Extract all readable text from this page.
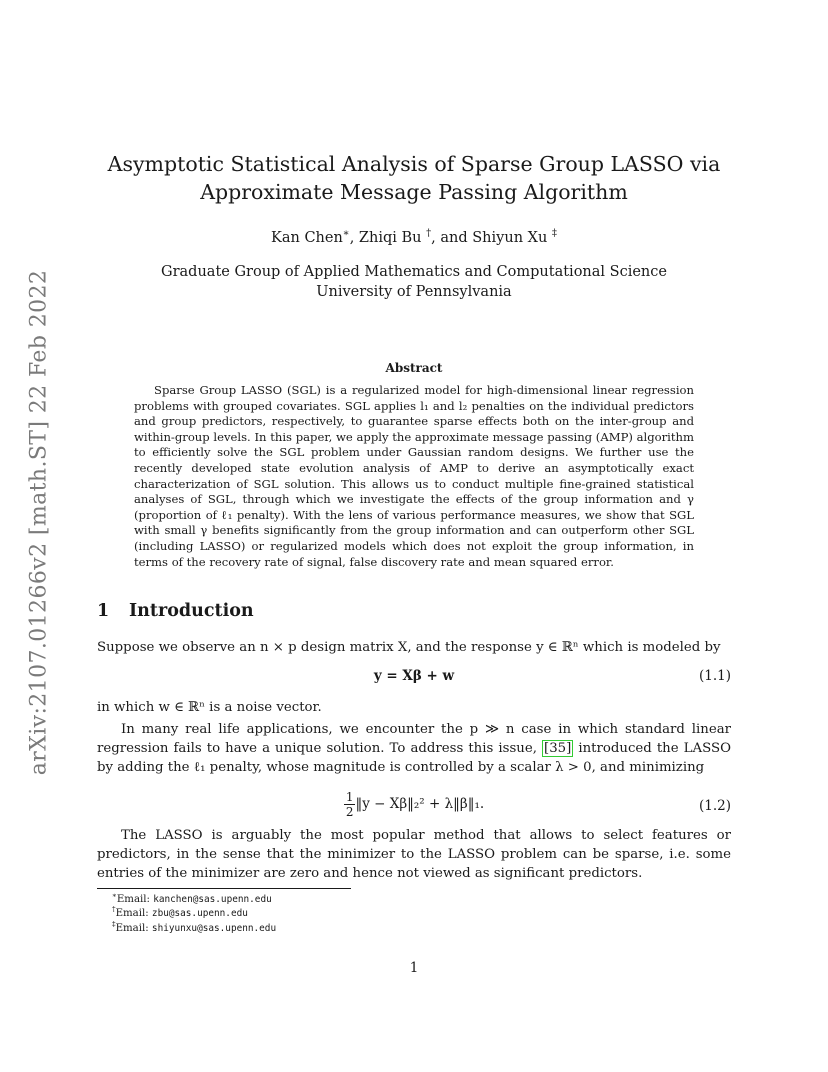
arXiv:2107.01266v2 [math.ST] 22 Feb 2022
Asymptotic Statistical Analysis of Sparse Group LASSO via
Approximate Message Passing Algorithm
Kan Chen∗, Zhiqi Bu †, and Shiyun Xu ‡
Graduate Group of Applied Mathematics and Computational Science
University of Pennsylvania
Abstract

Sparse Group LASSO (SGL) is a regularized model for high-dimensional linear regression problems with grouped covariates. SGL applies l₁ and l₂ penalties on the individual predictors and group predictors, respectively, to guarantee sparse effects both on the inter-group and within-group levels. In this paper, we apply the approximate message passing (AMP) algorithm to efficiently solve the SGL problem under Gaussian random designs. We further use the recently developed state evolution analysis of AMP to derive an asymptotically exact characterization of SGL solution. This allows us to conduct multiple fine-grained statistical analyses of SGL, through which we investigate the effects of the group information and γ (proportion of ℓ₁ penalty). With the lens of various performance measures, we show that SGL with small γ benefits significantly from the group information and can outperform other SGL (including LASSO) or regularized models which does not exploit the group information, in terms of the recovery rate of signal, false discovery rate and mean squared error.

1 Introduction

Suppose we observe an n × p design matrix X, and the response y ∈ ℝⁿ which is modeled by

y = Xβ + w	(1.1)

in which w ∈ ℝⁿ is a noise vector.

In many real life applications, we encounter the p ≫ n case in which standard linear regression fails to have a unique solution. To address this issue, [35] introduced the LASSO by adding the ℓ₁ penalty, whose magnitude is controlled by a scalar λ > 0, and minimizing

$\frac{1}{2}$ ‖y − Xβ‖₂² + λ‖β‖₁.	(1.2)

The LASSO is arguably the most popular method that allows to select features or predictors, in the sense that the minimizer to the LASSO problem can be sparse, i.e. some entries of the minimizer are zero and hence not viewed as significant predictors.

∗Email: kanchen@sas.upenn.edu
†Email: zbu@sas.upenn.edu
‡Email: shiyunxu@sas.upenn.edu
1
